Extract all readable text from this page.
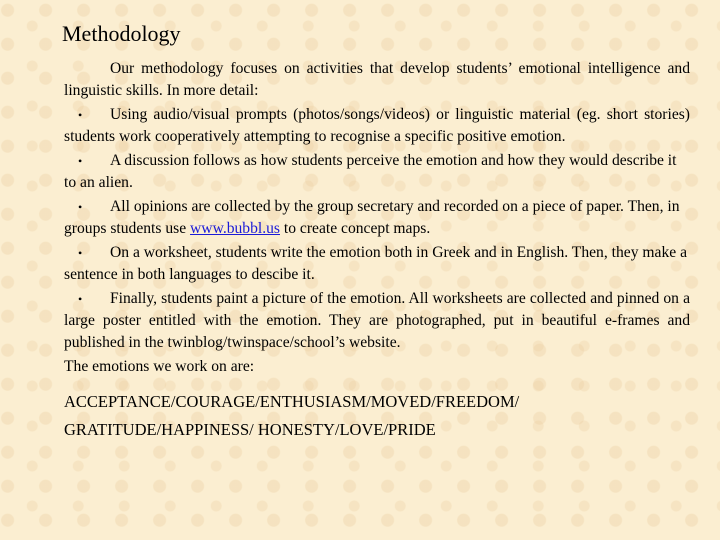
Methodology

Our methodology focuses on activities that develop students’ emotional intelligence and linguistic skills. In more detail:

• Using audio/visual prompts (photos/songs/videos) or linguistic material (eg. short stories) students work cooperatively attempting to recognise a specific positive emotion.

• A discussion follows as how students perceive the emotion and how they would describe it to an alien.

• All opinions are collected by the group secretary and recorded on a piece of paper. Then, in groups students use www.bubbl.us to create concept maps.

• On a worksheet, students write the emotion both in Greek and in English. Then, they make a sentence in both languages to descibe it.

• Finally, students paint a picture of the emotion. All worksheets are collected and pinned on a large poster entitled with the emotion. They are photographed, put in beautiful e-frames and published in the twinblog/twinspace/school’s website.

The emotions we work on are:

ACCEPTANCE/COURAGE/ENTHUSIASM/MOVED/FREEDOM/
GRATITUDE/HAPPINESS/ HONESTY/LOVE/PRIDE
